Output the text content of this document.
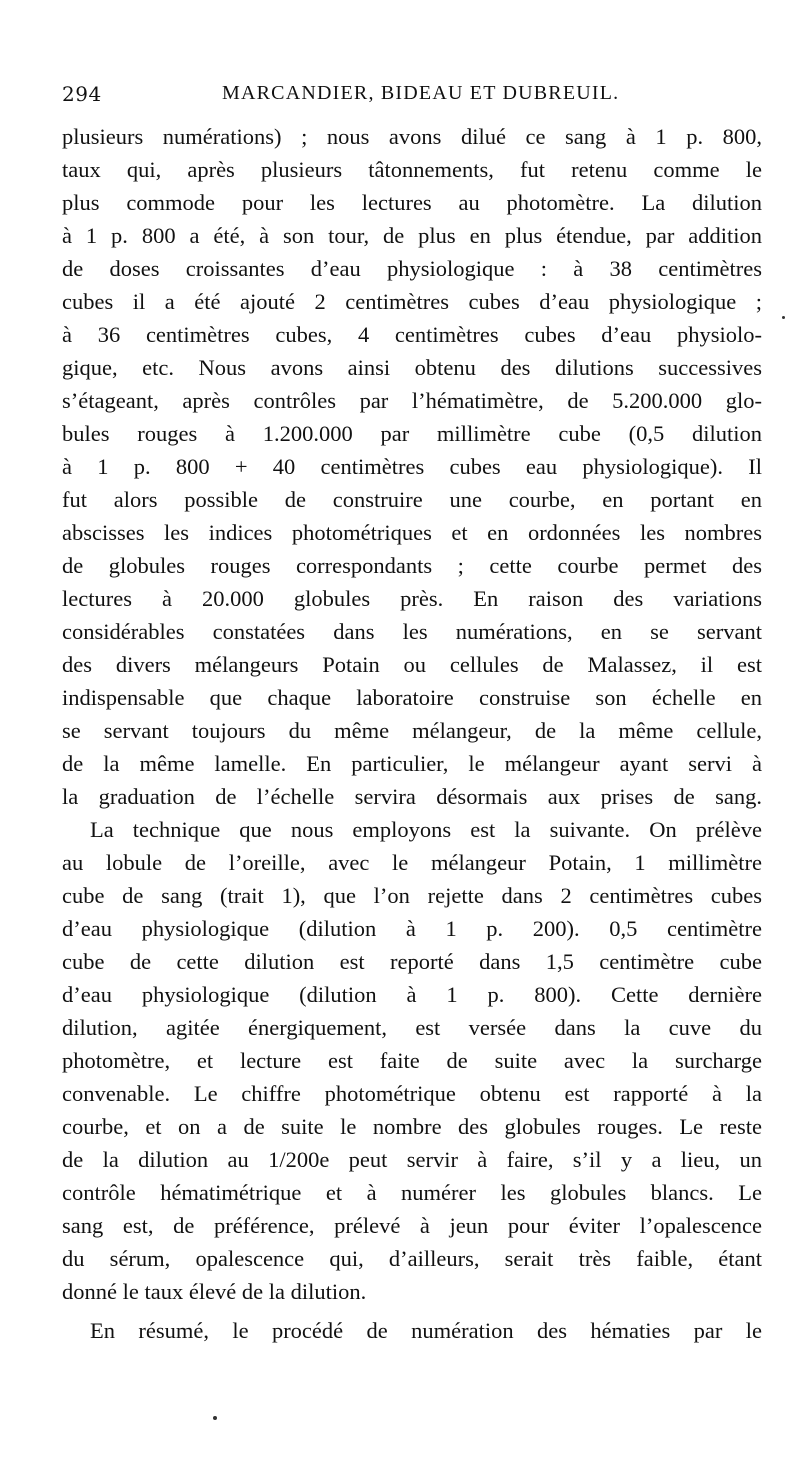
294	MARCANDIER, BIDEAU ET DUBREUIL.
plusieurs numérations) ; nous avons dilué ce sang à 1 p. 800,
taux qui, après plusieurs tâtonnements, fut retenu comme le
plus commode pour les lectures au photomètre. La dilution
à 1 p. 800 a été, à son tour, de plus en plus étendue, par addition
de doses croissantes d’eau physiologique : à 38 centimètres
cubes il a été ajouté 2 centimètres cubes d’eau physiologique ;
à 36 centimètres cubes, 4 centimètres cubes d’eau physiolo-
gique, etc. Nous avons ainsi obtenu des dilutions successives
s’étageant, après contrôles par l’hématimètre, de 5.200.000 glo-
bules rouges à 1.200.000 par millimètre cube (0,5 dilution
à 1 p. 800 + 40 centimètres cubes eau physiologique). Il
fut alors possible de construire une courbe, en portant en
abscisses les indices photométriques et en ordonnées les nombres
de globules rouges correspondants ; cette courbe permet des
lectures à 20.000 globules près. En raison des variations
considérables constatées dans les numérations, en se servant
des divers mélangeurs Potain ou cellules de Malassez, il est
indispensable que chaque laboratoire construise son échelle en
se servant toujours du même mélangeur, de la même cellule,
de la même lamelle. En particulier, le mélangeur ayant servi à
la graduation de l’échelle servira désormais aux prises de sang.
La technique que nous employons est la suivante. On prélève
au lobule de l’oreille, avec le mélangeur Potain, 1 millimètre
cube de sang (trait 1), que l’on rejette dans 2 centimètres cubes
d’eau physiologique (dilution à 1 p. 200). 0,5 centimètre
cube de cette dilution est reporté dans 1,5 centimètre cube
d’eau physiologique (dilution à 1 p. 800). Cette dernière
dilution, agitée énergiquement, est versée dans la cuve du
photomètre, et lecture est faite de suite avec la surcharge
convenable. Le chiffre photométrique obtenu est rapporté à la
courbe, et on a de suite le nombre des globules rouges. Le reste
de la dilution au 1/200e peut servir à faire, s’il y a lieu, un
contrôle hématimétrique et à numérer les globules blancs. Le
sang est, de préférence, prélevé à jeun pour éviter l’opalescence
du sérum, opalescence qui, d’ailleurs, serait très faible, étant
donné le taux élevé de la dilution.
En résumé, le procédé de numération des hématies par le
